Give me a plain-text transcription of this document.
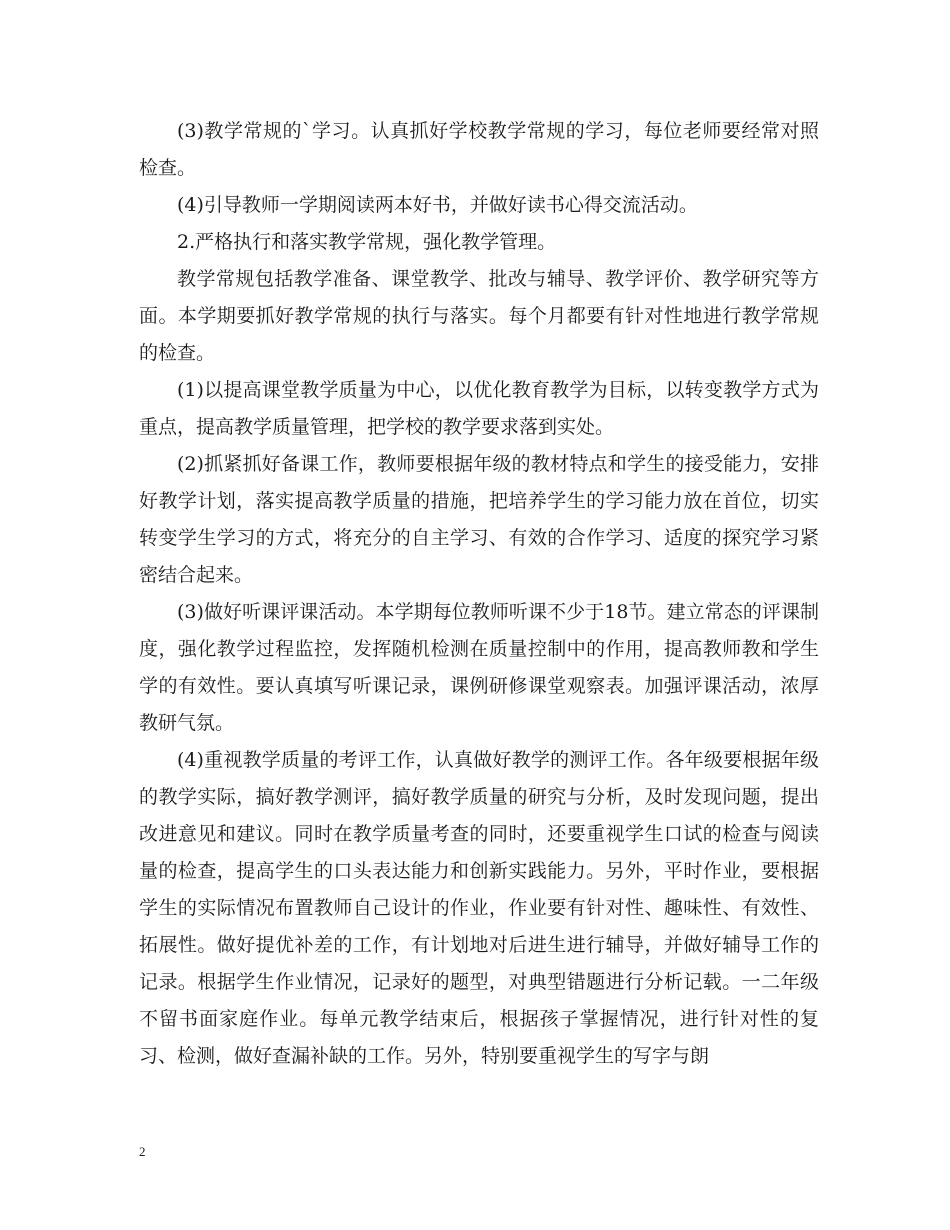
(3)教学常规的`学习。认真抓好学校教学常规的学习，每位老师要经常对照检查。

(4)引导教师一学期阅读两本好书，并做好读书心得交流活动。

2.严格执行和落实教学常规，强化教学管理。

教学常规包括教学准备、课堂教学、批改与辅导、教学评价、教学研究等方面。本学期要抓好教学常规的执行与落实。每个月都要有针对性地进行教学常规的检查。

(1)以提高课堂教学质量为中心，以优化教育教学为目标，以转变教学方式为重点，提高教学质量管理，把学校的教学要求落到实处。

(2)抓紧抓好备课工作，教师要根据年级的教材特点和学生的接受能力，安排好教学计划，落实提高教学质量的措施，把培养学生的学习能力放在首位，切实转变学生学习的方式，将充分的自主学习、有效的合作学习、适度的探究学习紧密结合起来。

(3)做好听课评课活动。本学期每位教师听课不少于18节。建立常态的评课制度，强化教学过程监控，发挥随机检测在质量控制中的作用，提高教师教和学生学的有效性。要认真填写听课记录，课例研修课堂观察表。加强评课活动，浓厚教研气氛。

(4)重视教学质量的考评工作，认真做好教学的测评工作。各年级要根据年级的教学实际，搞好教学测评，搞好教学质量的研究与分析，及时发现问题，提出改进意见和建议。同时在教学质量考查的同时，还要重视学生口试的检查与阅读量的检查，提高学生的口头表达能力和创新实践能力。另外，平时作业，要根据学生的实际情况布置教师自己设计的作业，作业要有针对性、趣味性、有效性、拓展性。做好提优补差的工作，有计划地对后进生进行辅导，并做好辅导工作的记录。根据学生作业情况，记录好的题型，对典型错题进行分析记载。一二年级不留书面家庭作业。每单元教学结束后，根据孩子掌握情况，进行针对性的复习、检测，做好查漏补缺的工作。另外，特别要重视学生的写字与朗

2
